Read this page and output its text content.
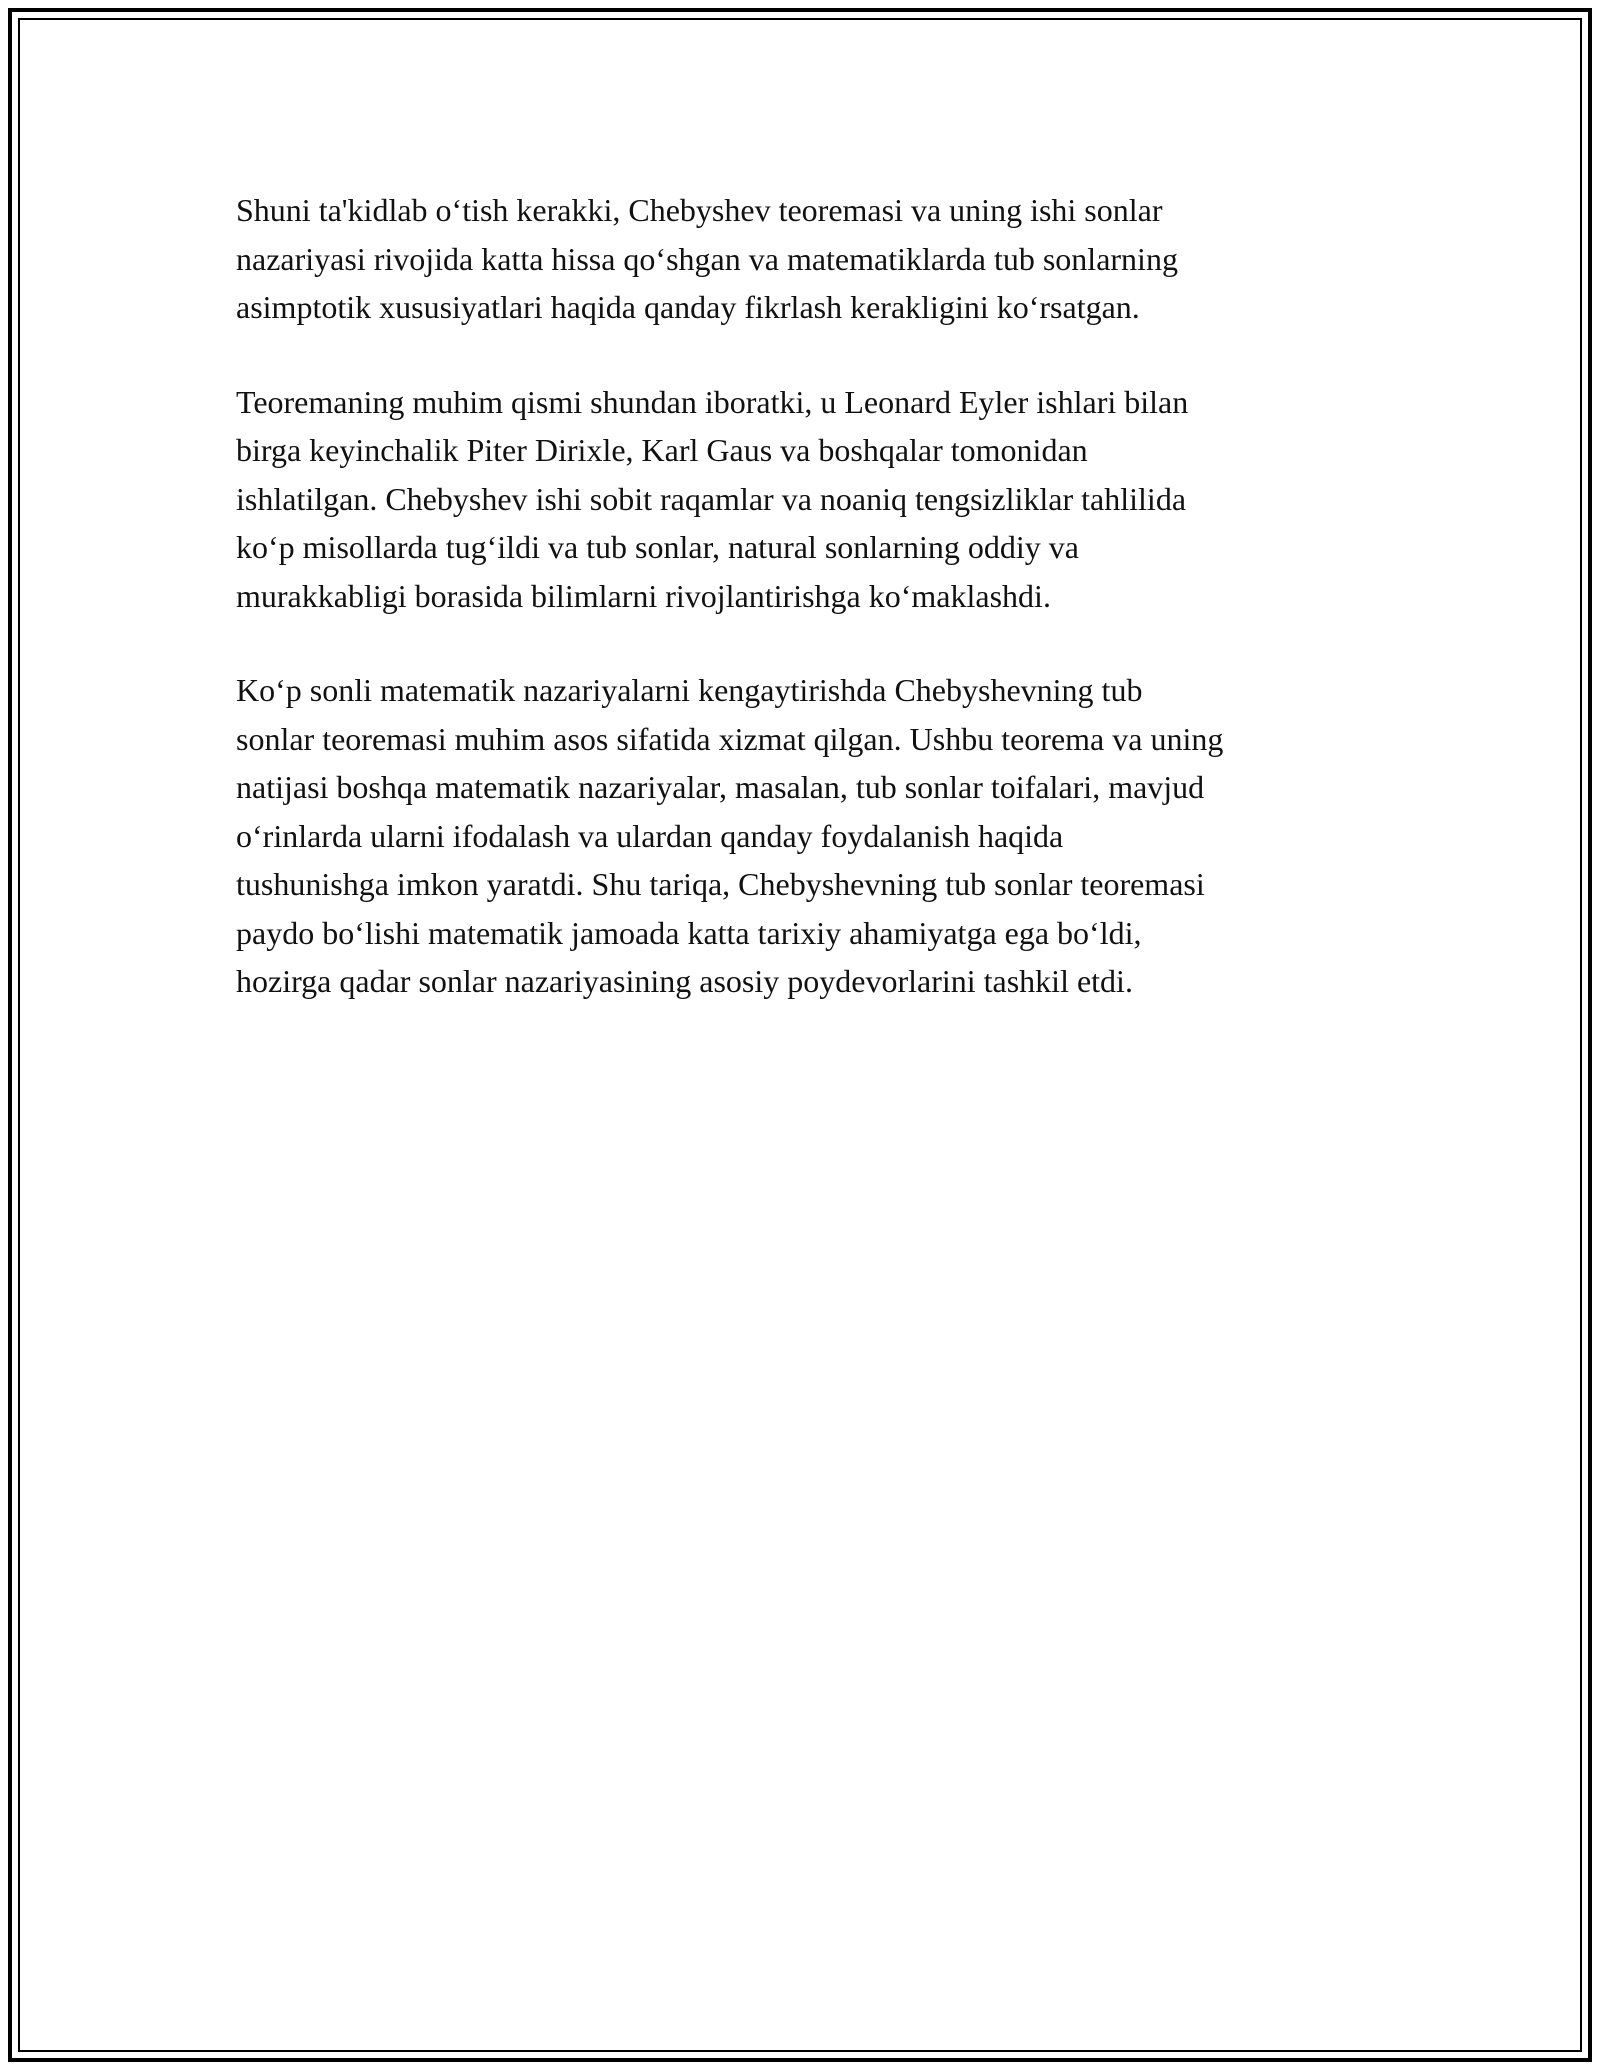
Shuni ta'kidlab o‘tish kerakki, Chebyshev teoremasi va uning ishi sonlar
nazariyasi rivojida katta hissa qo‘shgan va matematiklarda tub sonlarning
asimptotik xususiyatlari haqida qanday fikrlash kerakligini ko‘rsatgan.

Teoremaning muhim qismi shundan iboratki, u Leonard Eyler ishlari bilan
birga keyinchalik Piter Dirixle, Karl Gaus va boshqalar tomonidan
ishlatilgan. Chebyshev ishi sobit raqamlar va noaniq tengsizliklar tahlilida
ko‘p misollarda tug‘ildi va tub sonlar, natural sonlarning oddiy va
murakkabligi borasida bilimlarni rivojlantirishga ko‘maklashdi.

Ko‘p sonli matematik nazariyalarni kengaytirishda Chebyshevning tub
sonlar teoremasi muhim asos sifatida xizmat qilgan. Ushbu teorema va uning
natijasi boshqa matematik nazariyalar, masalan, tub sonlar toifalari, mavjud
o‘rinlarda ularni ifodalash va ulardan qanday foydalanish haqida
tushunishga imkon yaratdi. Shu tariqa, Chebyshevning tub sonlar teoremasi
paydo bo‘lishi matematik jamoada katta tarixiy ahamiyatga ega bo‘ldi,
hozirga qadar sonlar nazariyasining asosiy poydevorlarini tashkil etdi.
